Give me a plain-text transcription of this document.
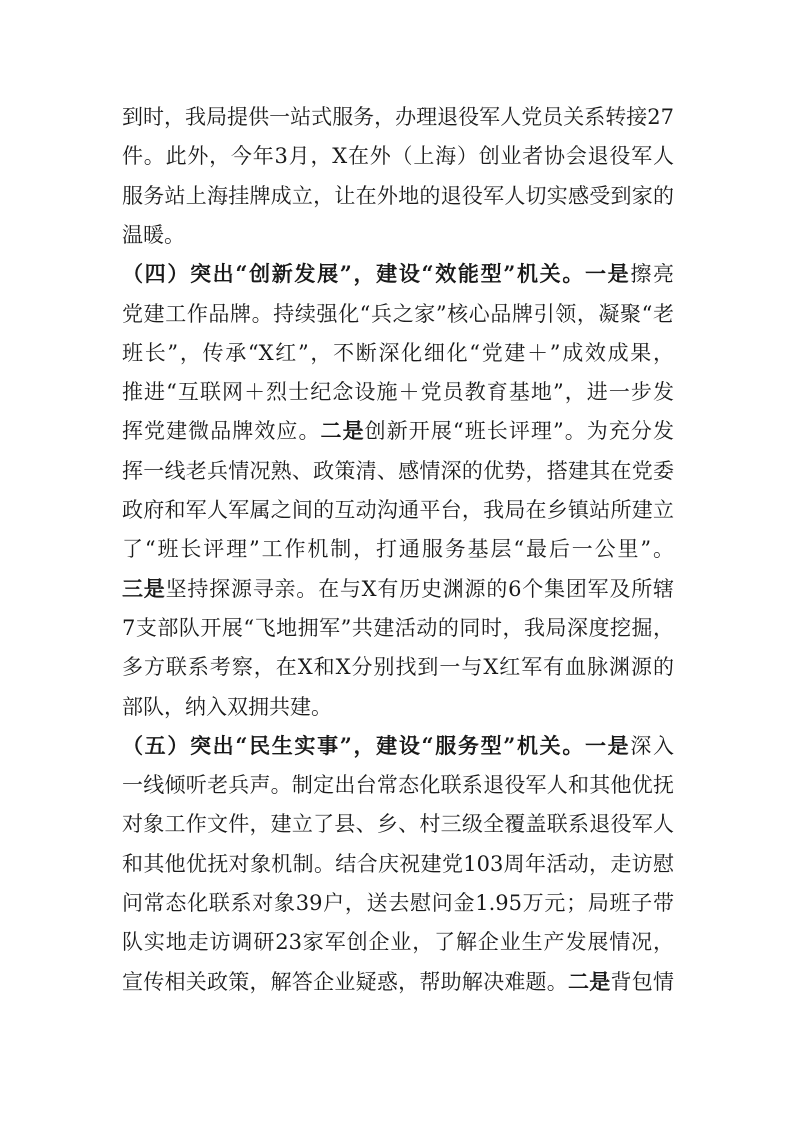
到时，我局提供一站式服务，办理退役军人党员关系转接27
件。此外，今年3月，X在外（上海）创业者协会退役军人
服务站上海挂牌成立，让在外地的退役军人切实感受到家的
温暖。
（四）突出“创新发展”，建设“效能型”机关。一是擦亮
党建工作品牌。持续强化“兵之家”核心品牌引领，凝聚“老
班长”，传承“X红”，不断深化细化“党建＋”成效成果，
推进“互联网＋烈士纪念设施＋党员教育基地”，进一步发
挥党建微品牌效应。二是创新开展“班长评理”。为充分发
挥一线老兵情况熟、政策清、感情深的优势，搭建其在党委
政府和军人军属之间的互动沟通平台，我局在乡镇站所建立
了“班长评理”工作机制，打通服务基层“最后一公里”。
三是坚持探源寻亲。在与X有历史渊源的6个集团军及所辖
7支部队开展“飞地拥军”共建活动的同时，我局深度挖掘，
多方联系考察，在X和X分别找到一与X红军有血脉渊源的
部队，纳入双拥共建。
（五）突出“民生实事”，建设“服务型”机关。一是深入
一线倾听老兵声。制定出台常态化联系退役军人和其他优抚
对象工作文件，建立了县、乡、村三级全覆盖联系退役军人
和其他优抚对象机制。结合庆祝建党103周年活动，走访慰
问常态化联系对象39户，送去慰问金1.95万元；局班子带
队实地走访调研23家军创企业，了解企业生产发展情况，
宣传相关政策，解答企业疑惑，帮助解决难题。二是背包情
